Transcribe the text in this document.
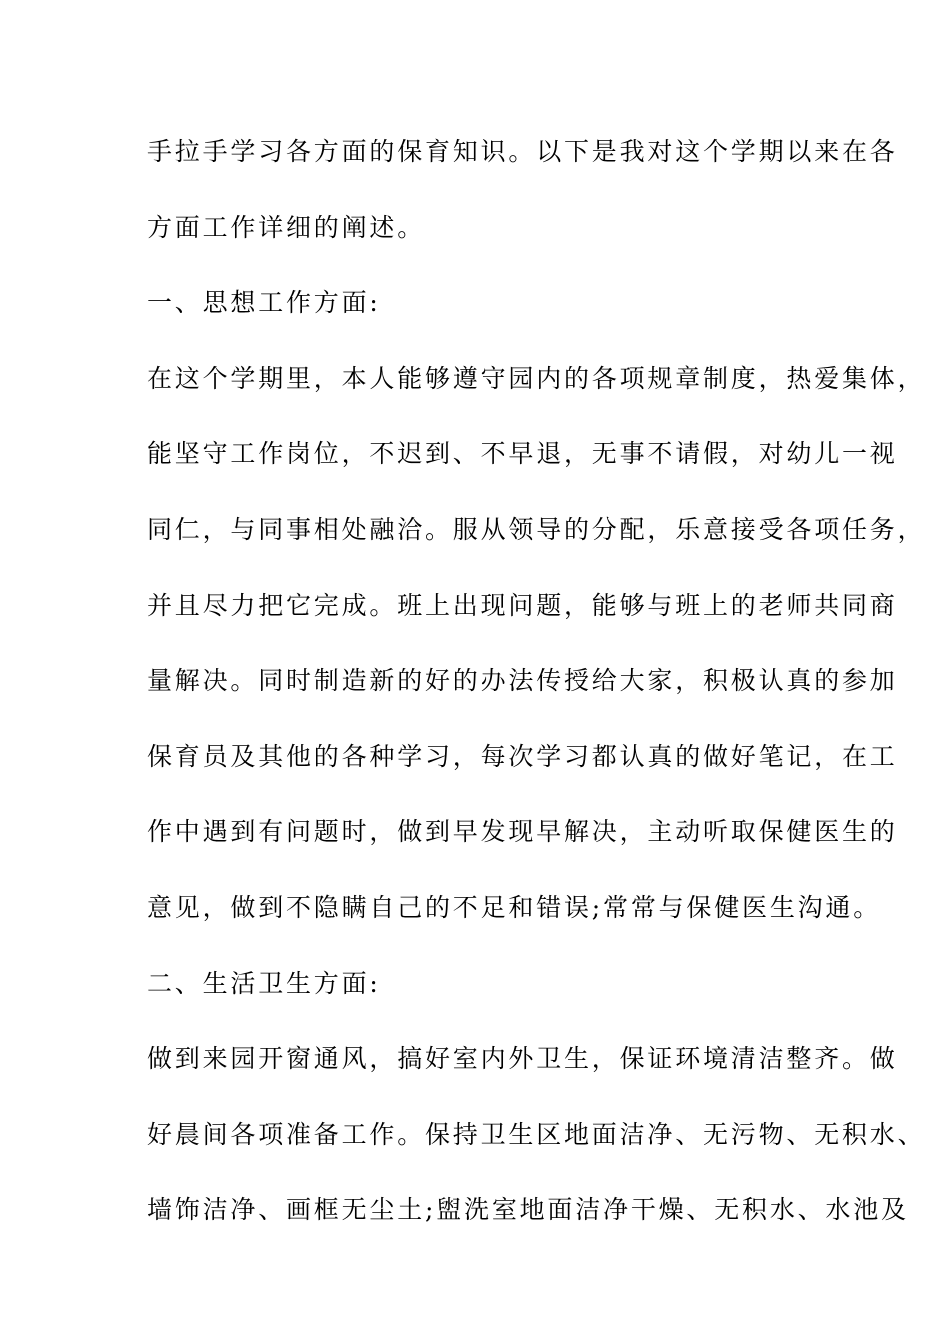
手拉手学习各方面的保育知识。以下是我对这个学期以来在各
方面工作详细的阐述。
一、思想工作方面:
在这个学期里，本人能够遵守园内的各项规章制度，热爱集体，
能坚守工作岗位，不迟到、不早退，无事不请假，对幼儿一视
同仁，与同事相处融洽。服从领导的分配，乐意接受各项任务，
并且尽力把它完成。班上出现问题，能够与班上的老师共同商
量解决。同时制造新的好的办法传授给大家，积极认真的参加
保育员及其他的各种学习，每次学习都认真的做好笔记，在工
作中遇到有问题时，做到早发现早解决，主动听取保健医生的
意见，做到不隐瞒自己的不足和错误;常常与保健医生沟通。
二、生活卫生方面:
做到来园开窗通风，搞好室内外卫生，保证环境清洁整齐。做
好晨间各项准备工作。保持卫生区地面洁净、无污物、无积水、
墙饰洁净、画框无尘土;盥洗室地面洁净干燥、无积水、水池及
